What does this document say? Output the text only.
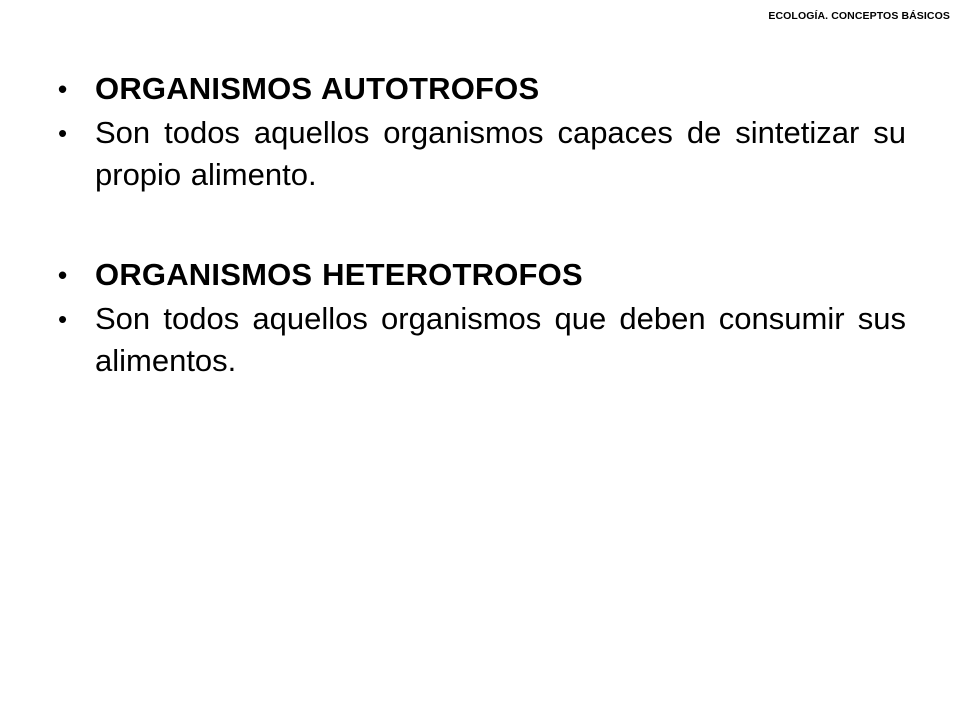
ECOLOGÍA. CONCEPTOS BÁSICOS
• ORGANISMOS AUTOTROFOS
• Son todos aquellos organismos capaces de sintetizar su propio alimento.
• ORGANISMOS HETEROTROFOS
• Son todos aquellos organismos que deben consumir sus alimentos.
